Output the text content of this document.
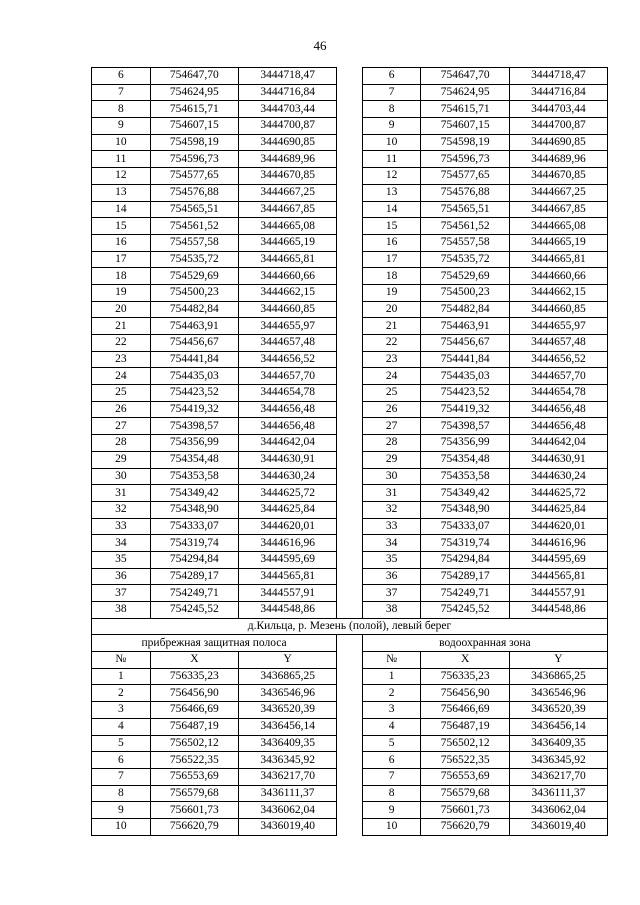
46
6	754647,70	3444718,47		6	754647,70	3444718,47
7	754624,95	3444716,84		7	754624,95	3444716,84
8	754615,71	3444703,44		8	754615,71	3444703,44
9	754607,15	3444700,87		9	754607,15	3444700,87
10	754598,19	3444690,85		10	754598,19	3444690,85
11	754596,73	3444689,96		11	754596,73	3444689,96
12	754577,65	3444670,85		12	754577,65	3444670,85
13	754576,88	3444667,25		13	754576,88	3444667,25
14	754565,51	3444667,85		14	754565,51	3444667,85
15	754561,52	3444665,08		15	754561,52	3444665,08
16	754557,58	3444665,19		16	754557,58	3444665,19
17	754535,72	3444665,81		17	754535,72	3444665,81
18	754529,69	3444660,66		18	754529,69	3444660,66
19	754500,23	3444662,15		19	754500,23	3444662,15
20	754482,84	3444660,85		20	754482,84	3444660,85
21	754463,91	3444655,97		21	754463,91	3444655,97
22	754456,67	3444657,48		22	754456,67	3444657,48
23	754441,84	3444656,52		23	754441,84	3444656,52
24	754435,03	3444657,70		24	754435,03	3444657,70
25	754423,52	3444654,78		25	754423,52	3444654,78
26	754419,32	3444656,48		26	754419,32	3444656,48
27	754398,57	3444656,48		27	754398,57	3444656,48
28	754356,99	3444642,04		28	754356,99	3444642,04
29	754354,48	3444630,91		29	754354,48	3444630,91
30	754353,58	3444630,24		30	754353,58	3444630,24
31	754349,42	3444625,72		31	754349,42	3444625,72
32	754348,90	3444625,84		32	754348,90	3444625,84
33	754333,07	3444620,01		33	754333,07	3444620,01
34	754319,74	3444616,96		34	754319,74	3444616,96
35	754294,84	3444595,69		35	754294,84	3444595,69
36	754289,17	3444565,81		36	754289,17	3444565,81
37	754249,71	3444557,91		37	754249,71	3444557,91
38	754245,52	3444548,86		38	754245,52	3444548,86
д.Кильца, р. Мезень (полой), левый берег						
прибрежная защитная полоса				водоохранная зона		
№	X	Y		№	X	Y
1	756335,23	3436865,25		1	756335,23	3436865,25
2	756456,90	3436546,96		2	756456,90	3436546,96
3	756466,69	3436520,39		3	756466,69	3436520,39
4	756487,19	3436456,14		4	756487,19	3436456,14
5	756502,12	3436409,35		5	756502,12	3436409,35
6	756522,35	3436345,92		6	756522,35	3436345,92
7	756553,69	3436217,70		7	756553,69	3436217,70
8	756579,68	3436111,37		8	756579,68	3436111,37
9	756601,73	3436062,04		9	756601,73	3436062,04
10	756620,79	3436019,40		10	756620,79	3436019,40
